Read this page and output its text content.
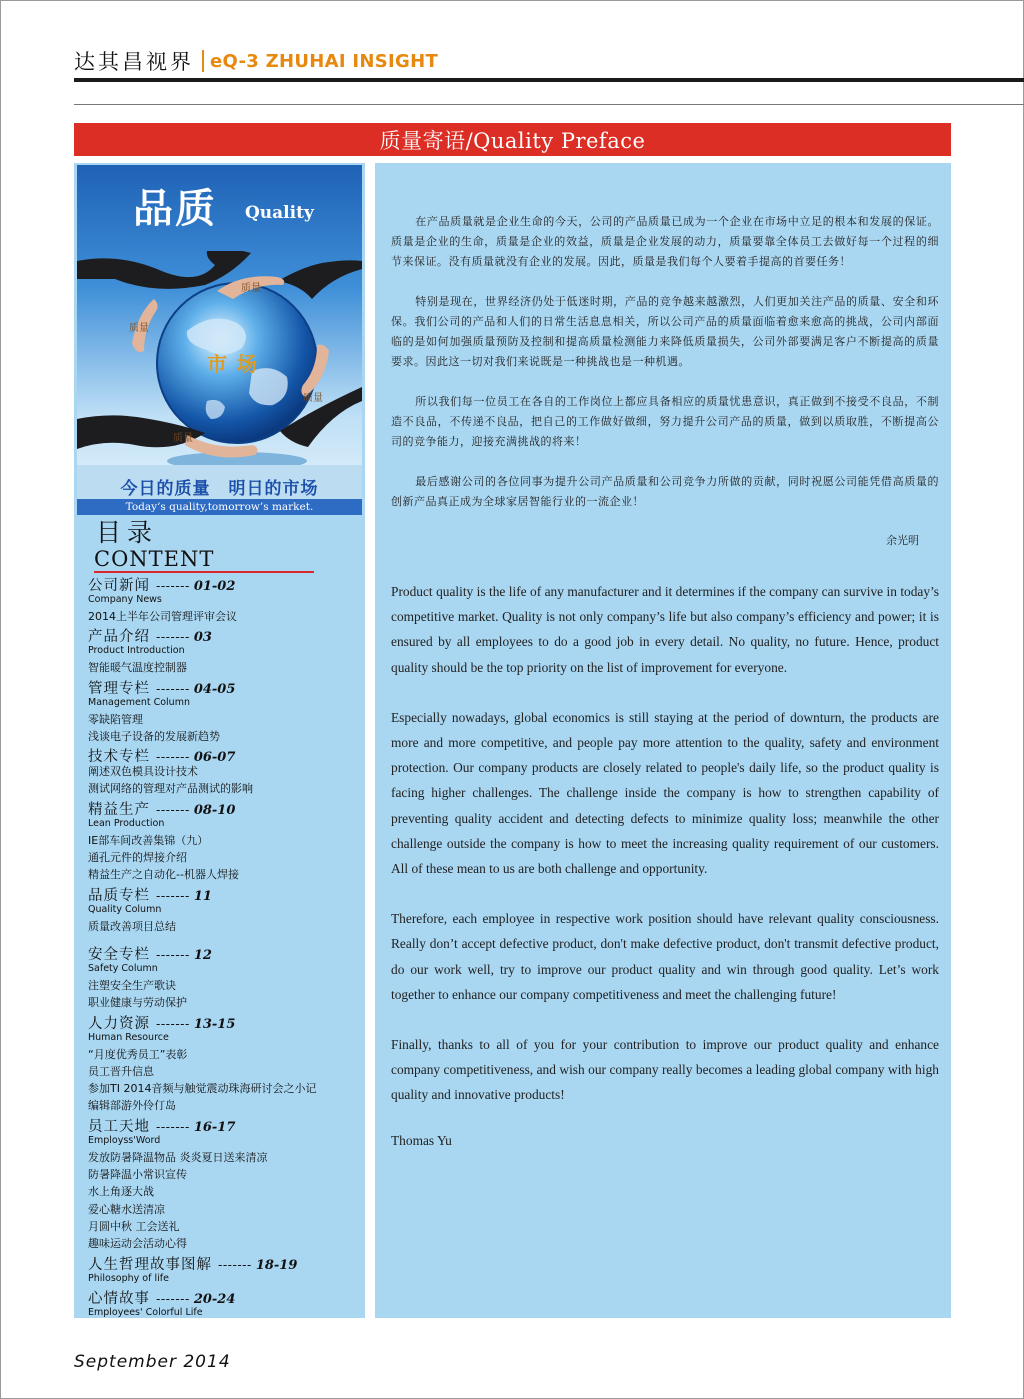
达其昌视界 eQ-3 ZHUHAI INSIGHT
质量寄语/Quality Preface
品质 Quality
质量
市场
质量
质量
质量
今日的质量　明日的市场
Today’s quality,tomorrow’s market.
目录
CONTENT
公司新闻 ------- 01-02
Company News
2014上半年公司管理评审会议
产品介绍 ------- 03
Product Introduction
智能暖气温度控制器
管理专栏 ------- 04-05
Management Column
零缺陷管理
浅谈电子设备的发展新趋势
技术专栏 ------- 06-07
阐述双色模具设计技术
测试网络的管理对产品测试的影响
精益生产 ------- 08-10
Lean Production
IE部车间改善集锦（九）
通孔元件的焊接介绍
精益生产之自动化--机器人焊接
品质专栏 ------- 11
Quality Column
质量改善项目总结
安全专栏 ------- 12
Safety Column
注塑安全生产歌诀
职业健康与劳动保护
人力资源 ------- 13-15
Human Resource
“月度优秀员工”表彰
员工晋升信息
参加TI 2014音频与触觉震动珠海研讨会之小记
编辑部游外伶仃岛
员工天地 ------- 16-17
Employss'Word
发放防暑降温物品 炎炎夏日送来清凉
防暑降温小常识宣传
水上角逐大战
爱心糖水送清凉
月圆中秋 工会送礼
趣味运动会活动心得
人生哲理故事图解 ------- 18-19
Philosophy of life
心情故事 ------- 20-24
Employees' Colorful Life

在产品质量就是企业生命的今天，公司的产品质量已成为一个企业在市场中立足的根本和发展的保证。质量是企业的生命，质量是企业的效益，质量是企业发展的动力，质量要靠全体员工去做好每一个过程的细节来保证。没有质量就没有企业的发展。因此，质量是我们每个人要着手提高的首要任务！

特别是现在，世界经济仍处于低迷时期，产品的竞争越来越激烈，人们更加关注产品的质量、安全和环保。我们公司的产品和人们的日常生活息息相关，所以公司产品的质量面临着愈来愈高的挑战，公司内部面临的是如何加强质量预防及控制和提高质量检测能力来降低质量损失，公司外部要满足客户不断提高的质量要求。因此这一切对我们来说既是一种挑战也是一种机遇。

所以我们每一位员工在各自的工作岗位上都应具备相应的质量忧患意识，真正做到不接受不良品，不制造不良品，不传递不良品，把自己的工作做好做细，努力提升公司产品的质量，做到以质取胜，不断提高公司的竞争能力，迎接充满挑战的将来！

最后感谢公司的各位同事为提升公司产品质量和公司竞争力所做的贡献，同时祝愿公司能凭借高质量的创新产品真正成为全球家居智能行业的一流企业！

余光明

Product quality is the life of any manufacturer and it determines if the company can survive in today’s competitive market. Quality is not only company’s life but also company’s efficiency and power; it is ensured by all employees to do a good job in every detail. No quality, no future. Hence, product quality should be the top priority on the list of improvement for everyone.

Especially nowadays, global economics is still staying at the period of downturn, the products are more and more competitive, and people pay more attention to the quality, safety and environment protection. Our company products are closely related to people's daily life, so the product quality is facing higher challenges. The challenge inside the company is how to strengthen capability of preventing quality accident and detecting defects to minimize quality loss; meanwhile the other challenge outside the company is how to meet the increasing quality requirement of our customers. All of these mean to us are both challenge and opportunity.

Therefore, each employee in respective work position should have relevant quality consciousness. Really don’t accept defective product, don't make defective product, don't transmit defective product, do our work well, try to improve our product quality and win through good quality. Let’s work together to enhance our company competitiveness and meet the challenging future!

Finally, thanks to all of you for your contribution to improve our product quality and enhance company competitiveness, and wish our company really becomes a leading global company with high quality and innovative products!

Thomas Yu

September 2014
